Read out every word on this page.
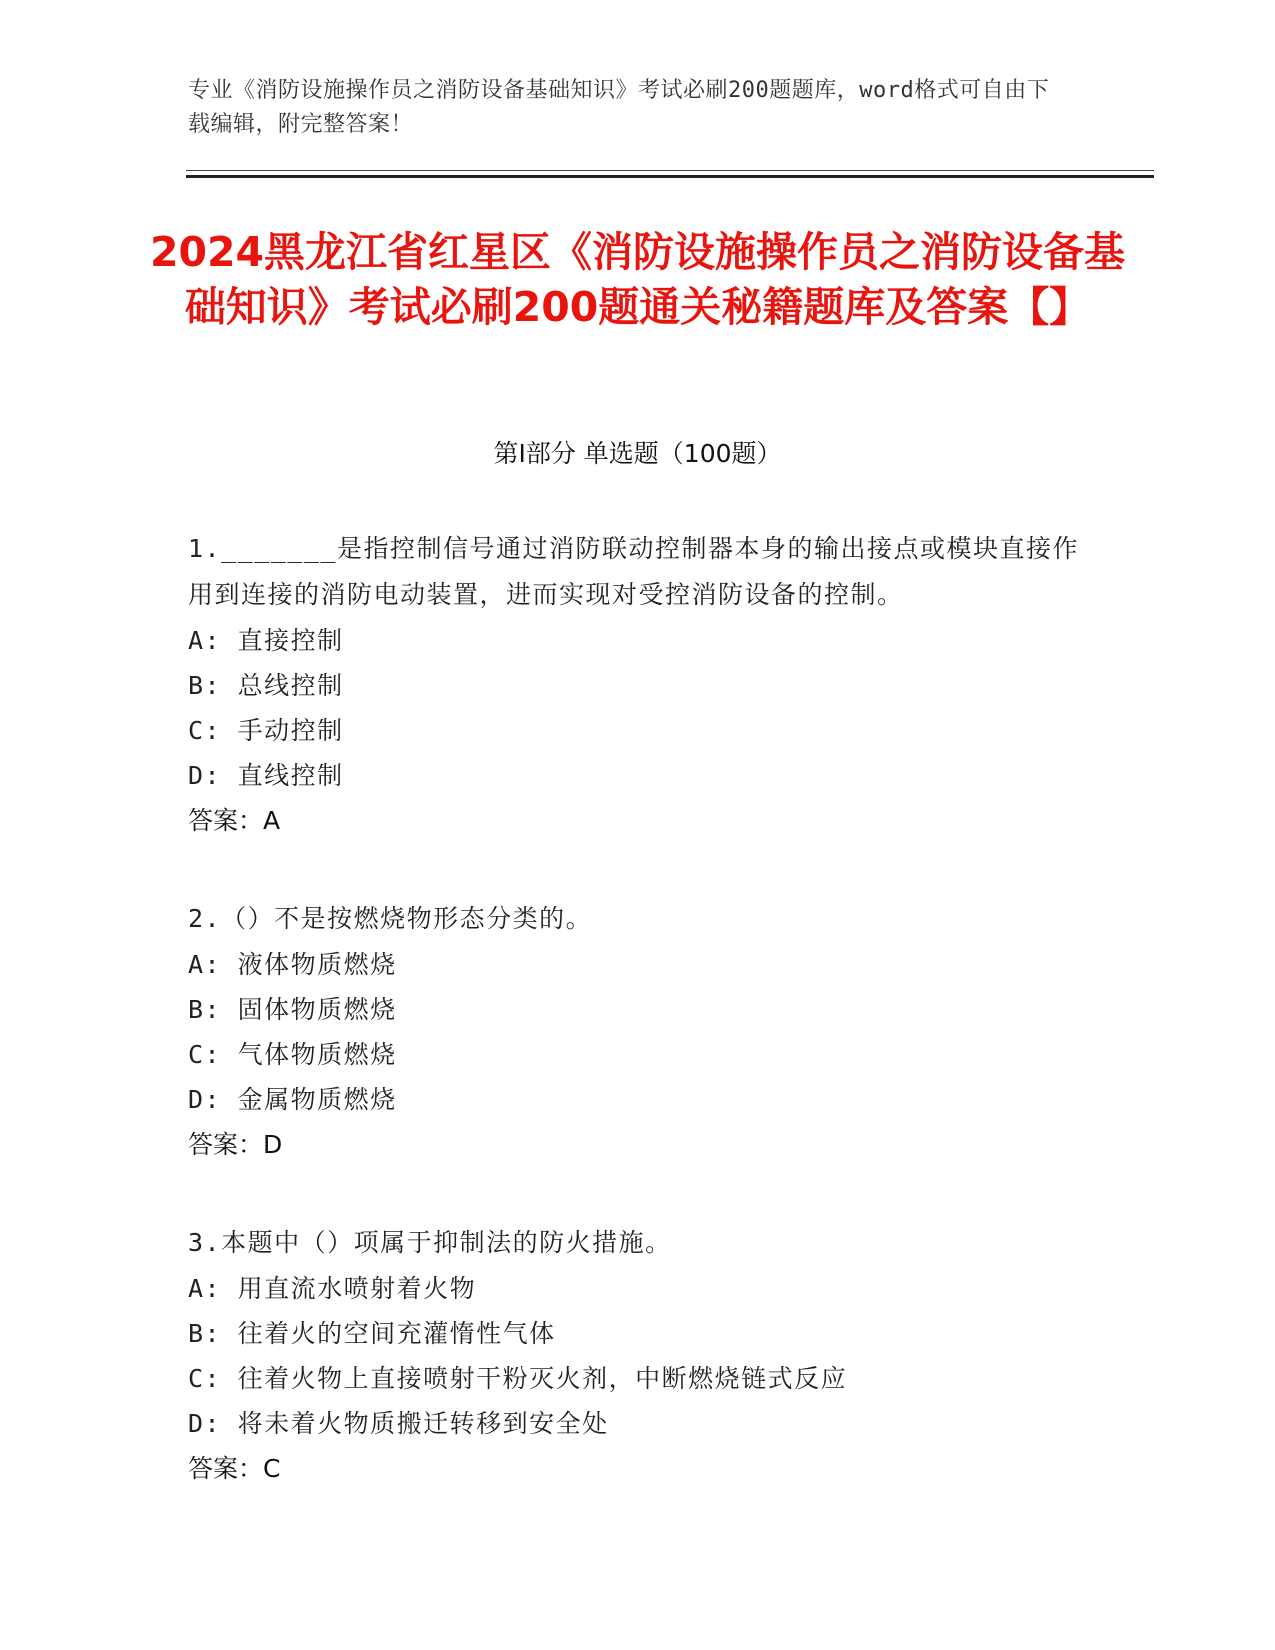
专业《消防设施操作员之消防设备基础知识》考试必刷200题题库，word格式可自由下载编辑，附完整答案！
2024黑龙江省红星区《消防设施操作员之消防设备基础知识》考试必刷200题通关秘籍题库及答案【】
第Ⅰ部分 单选题（100题）
1._______是指控制信号通过消防联动控制器本身的输出接点或模块直接作用到连接的消防电动装置，进而实现对受控消防设备的控制。
A: 直接控制
B: 总线控制
C: 手动控制
D: 直线控制
答案：A
2.（）不是按燃烧物形态分类的。
A: 液体物质燃烧
B: 固体物质燃烧
C: 气体物质燃烧
D: 金属物质燃烧
答案：D
3.本题中（）项属于抑制法的防火措施。
A: 用直流水喷射着火物
B: 往着火的空间充灌惰性气体
C: 往着火物上直接喷射干粉灭火剂，中断燃烧链式反应
D: 将未着火物质搬迁转移到安全处
答案：C
